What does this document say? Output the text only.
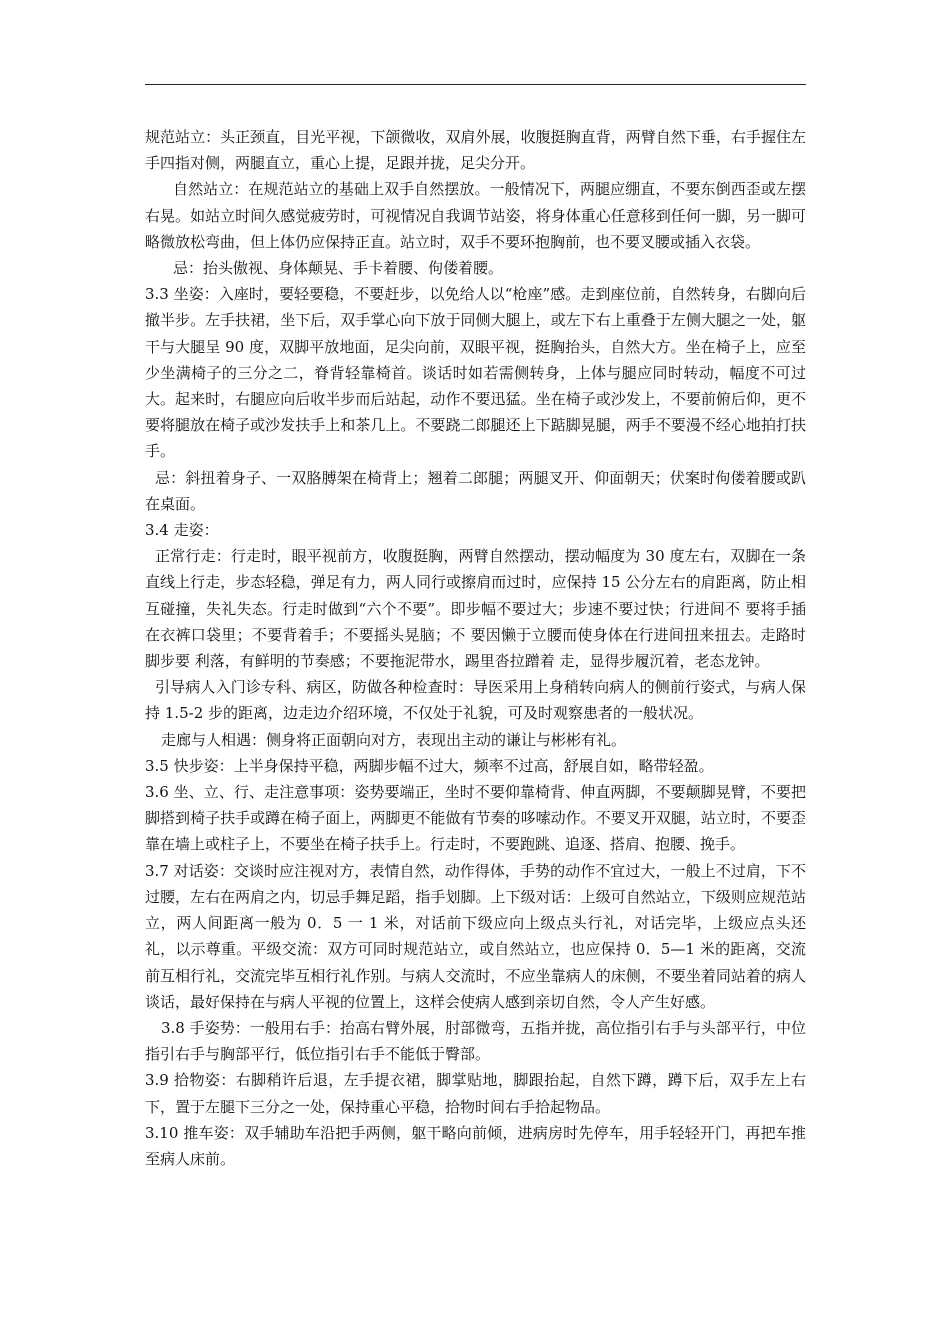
规范站立：头正颈直，目光平视，下颌微收，双肩外展，收腹挺胸直背，两臂自然下垂，右手握住左手四指对侧，两腿直立，重心上提，足跟并拢，足尖分开。

自然站立：在规范站立的基础上双手自然摆放。一般情况下，两腿应绷直，不要东倒西歪或左摆右晃。如站立时间久感觉疲劳时，可视情况自我调节站姿，将身体重心任意移到任何一脚，另一脚可略微放松弯曲，但上体仍应保持正直。站立时，双手不要环抱胸前，也不要叉腰或插入衣袋。

忌：抬头傲视、身体颠晃、手卡着腰、佝偻着腰。

3.3 坐姿：入座时，要轻要稳，不要赶步，以免给人以“枪座”感。走到座位前，自然转身，右脚向后撤半步。左手扶裙，坐下后，双手掌心向下放于同侧大腿上，或左下右上重叠于左侧大腿之一处，躯干与大腿呈 90 度，双脚平放地面，足尖向前，双眼平视，挺胸抬头，自然大方。坐在椅子上，应至少坐满椅子的三分之二，脊背轻靠椅首。谈话时如若需侧转身，上体与腿应同时转动，幅度不可过大。起来时，右腿应向后收半步而后站起，动作不要迅猛。坐在椅子或沙发上，不要前俯后仰，更不要将腿放在椅子或沙发扶手上和茶几上。不要跷二郎腿还上下踮脚晃腿，两手不要漫不经心地拍打扶手。

忌：斜扭着身子、一双胳膊架在椅背上；翘着二郎腿；两腿叉开、仰面朝天；伏案时佝偻着腰或趴在桌面。

3.4 走姿：

正常行走：行走时，眼平视前方，收腹挺胸，两臂自然摆动，摆动幅度为 30 度左右，双脚在一条直线上行走，步态轻稳，弹足有力，两人同行或擦肩而过时，应保持 15 公分左右的肩距离，防止相互碰撞，失礼失态。行走时做到“六个不要”。即步幅不要过大；步速不要过快；行进间不 要将手插在衣裤口袋里；不要背着手；不要摇头晃脑；不 要因懒于立腰而使身体在行进间扭来扭去。走路时脚步要 利落，有鲜明的节奏感；不要拖泥带水，踢里沓拉蹭着 走，显得步履沉着，老态龙钟。

引导病人入门诊专科、病区，防做各种检查时：导医采用上身稍转向病人的侧前行姿式，与病人保持 1.5-2 步的距离，边走边介绍环境，不仅处于礼貌，可及时观察患者的一般状况。

走廊与人相遇：侧身将正面朝向对方，表现出主动的谦让与彬彬有礼。

3.5 快步姿：上半身保持平稳，两脚步幅不过大，频率不过高，舒展自如，略带轻盈。

3.6 坐、立、行、走注意事项：姿势要端正，坐时不要仰靠椅背、伸直两脚，不要颠脚晃臂，不要把脚搭到椅子扶手或蹲在椅子面上，两脚更不能做有节奏的哆嗦动作。不要叉开双腿，站立时，不要歪靠在墙上或柱子上，不要坐在椅子扶手上。行走时，不要跑跳、追逐、搭肩、抱腰、挽手。

3.7 对话姿：交谈时应注视对方，表情自然，动作得体，手势的动作不宜过大，一般上不过肩，下不过腰，左右在两肩之内，切忌手舞足蹈，指手划脚。上下级对话：上级可自然站立，下级则应规范站立，两人间距离一般为 0．5 一 1 米，对话前下级应向上级点头行礼，对话完毕，上级应点头还礼，以示尊重。平级交流：双方可同时规范站立，或自然站立，也应保持 0．5—1 米的距离，交流前互相行礼，交流完毕互相行礼作别。与病人交流时，不应坐靠病人的床侧，不要坐着同站着的病人谈话，最好保持在与病人平视的位置上，这样会使病人感到亲切自然，令人产生好感。

3.8 手姿势：一般用右手：抬高右臂外展，肘部微弯，五指并拢，高位指引右手与头部平行，中位指引右手与胸部平行，低位指引右手不能低于臀部。

3.9 拾物姿：右脚稍许后退，左手提衣裙，脚掌贴地，脚跟抬起，自然下蹲，蹲下后，双手左上右下，置于左腿下三分之一处，保持重心平稳，拾物时间右手拾起物品。

3.10 推车姿：双手辅助车沿把手两侧，躯干略向前倾，进病房时先停车，用手轻轻开门，再把车推至病人床前。
